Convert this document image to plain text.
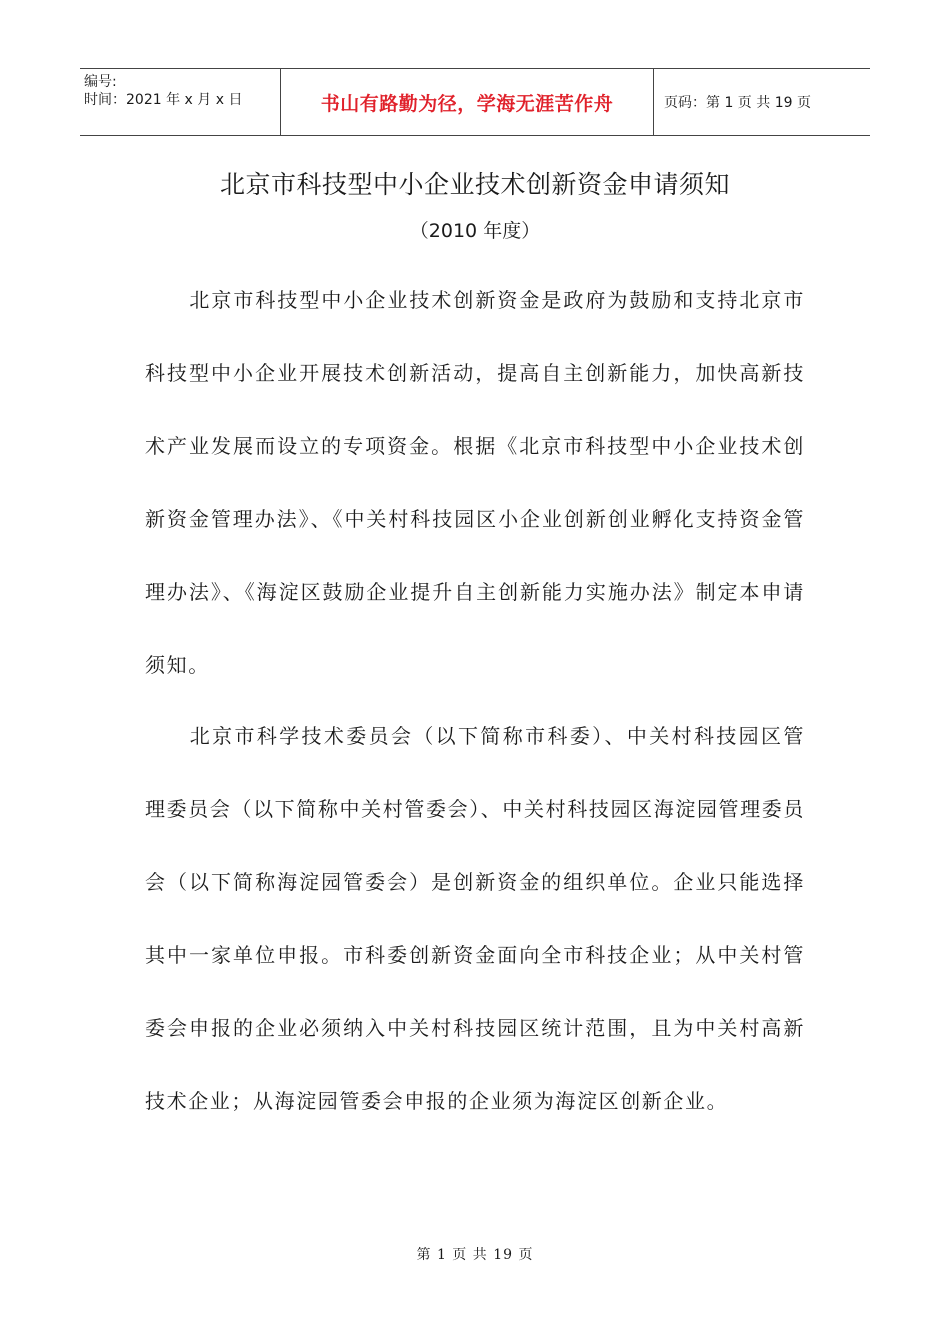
编号:
时间：2021 年 x 月 x 日	书山有路勤为径，学海无涯苦作舟	页码：第 1 页 共 19 页
北京市科技型中小企业技术创新资金申请须知
（2010 年度）

北京市科技型中小企业技术创新资金是政府为鼓励和支持北京市科技型中小企业开展技术创新活动，提高自主创新能力，加快高新技术产业发展而设立的专项资金。根据《北京市科技型中小企业技术创新资金管理办法》、《中关村科技园区小企业创新创业孵化支持资金管理办法》、《海淀区鼓励企业提升自主创新能力实施办法》制定本申请须知。

北京市科学技术委员会（以下简称市科委）、中关村科技园区管理委员会（以下简称中关村管委会）、中关村科技园区海淀园管理委员会（以下简称海淀园管委会）是创新资金的组织单位。企业只能选择其中一家单位申报。市科委创新资金面向全市科技企业；从中关村管委会申报的企业必须纳入中关村科技园区统计范围，且为中关村高新技术企业；从海淀园管委会申报的企业须为海淀区创新企业。

第 1 页 共 19 页
